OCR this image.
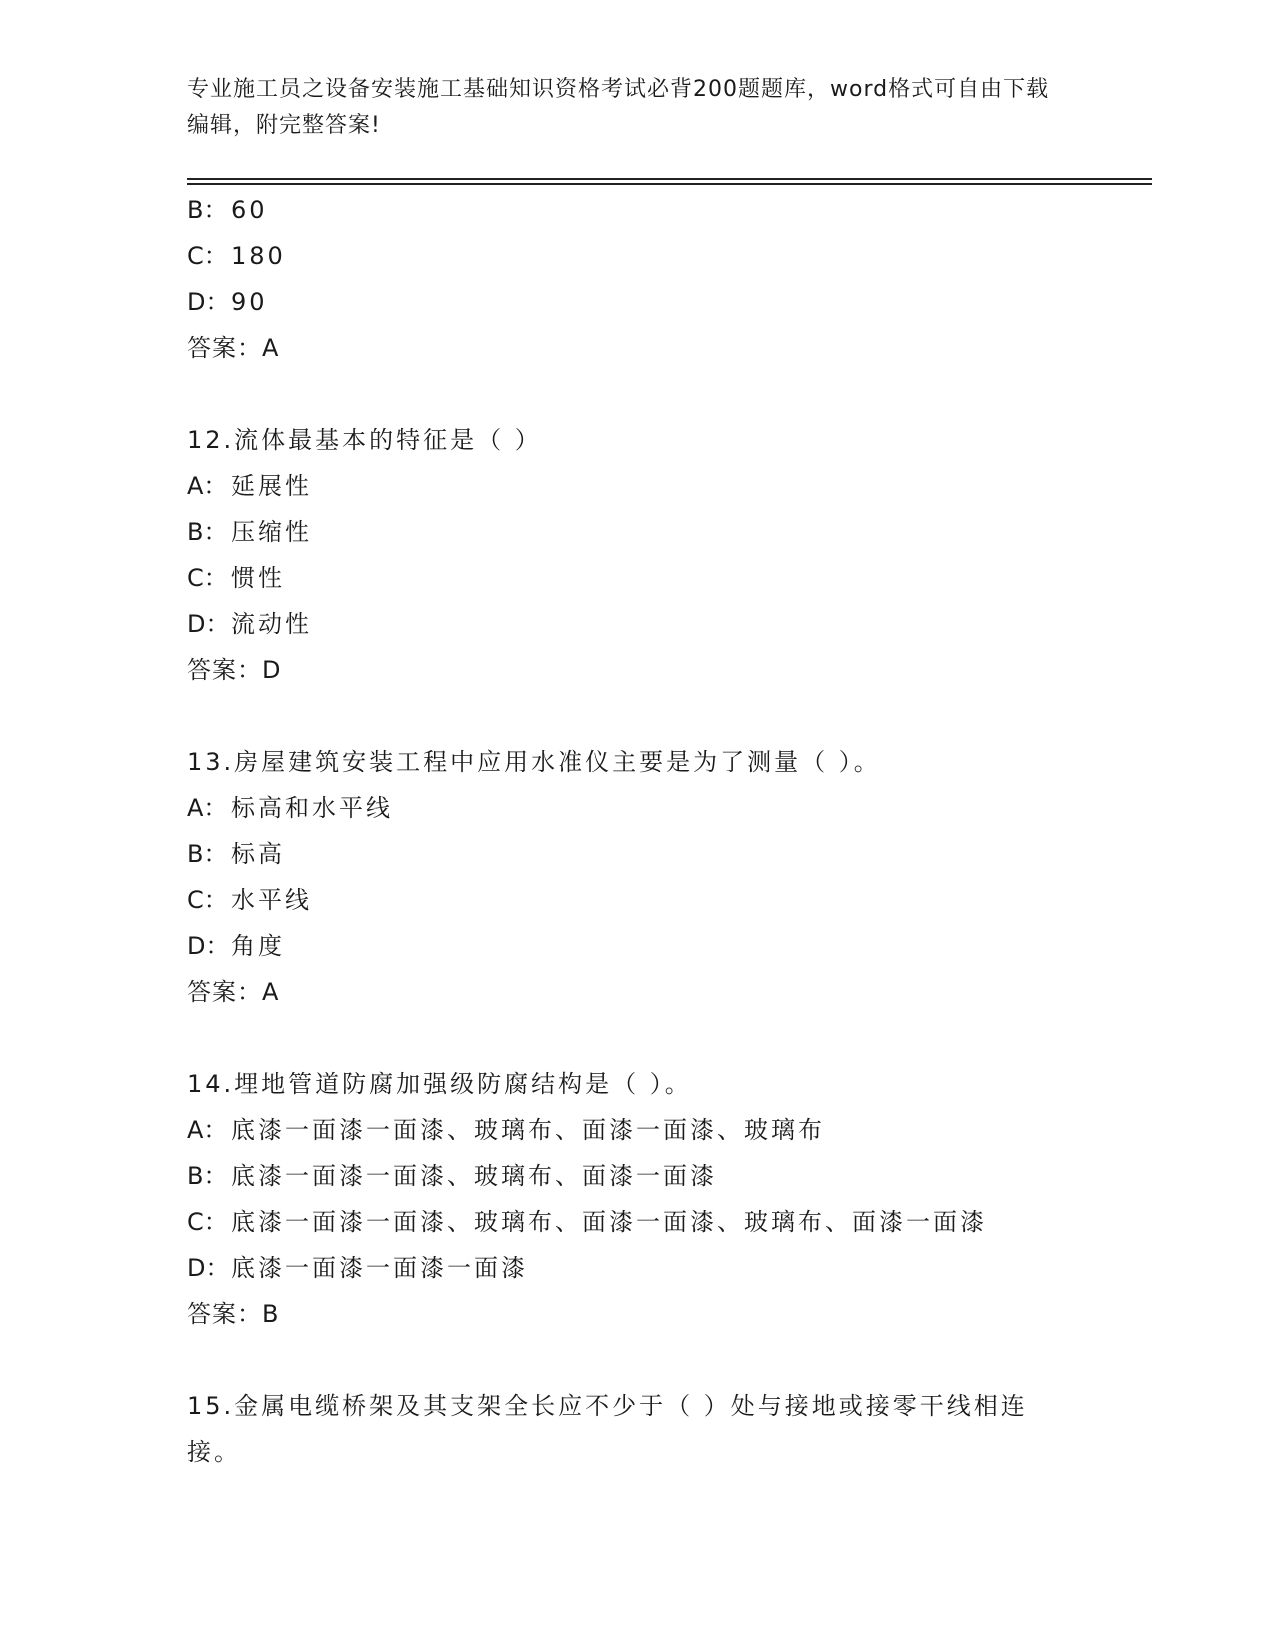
专业施工员之设备安装施工基础知识资格考试必背200题题库，word格式可自由下载编辑，附完整答案!
B： 60
C： 180
D：90
答案：A
12.流体最基本的特征是（ ）
A： 延展性
B： 压缩性
C： 惯性
D：流动性
答案：D
13.房屋建筑安装工程中应用水准仪主要是为了测量（ ）。
A： 标高和水平线
B： 标高
C： 水平线
D：角度
答案：A
14.埋地管道防腐加强级防腐结构是（ ）。
A： 底漆一面漆一面漆、玻璃布、面漆一面漆、玻璃布
B： 底漆一面漆一面漆、玻璃布、面漆一面漆
C： 底漆一面漆一面漆、玻璃布、面漆一面漆、玻璃布、面漆一面漆
D：底漆一面漆一面漆一面漆
答案：B
15.金属电缆桥架及其支架全长应不少于（ ）处与接地或接零干线相连接。
